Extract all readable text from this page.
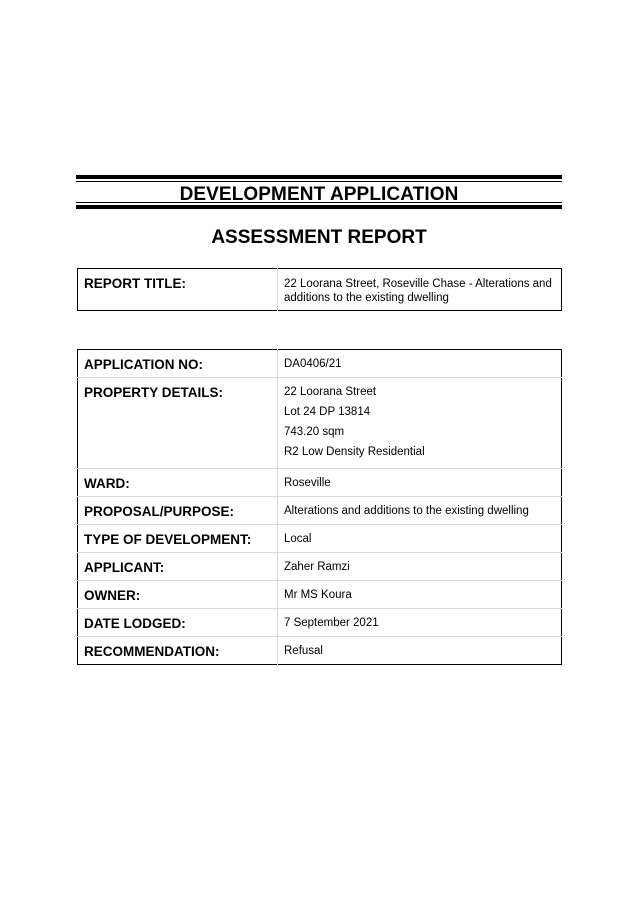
DEVELOPMENT APPLICATION
ASSESSMENT REPORT
REPORT TITLE:	22 Loorana Street, Roseville Chase - Alterations and additions to the existing dwelling
APPLICATION NO:	DA0406/21
PROPERTY DETAILS:	22 Loorana Street
Lot 24 DP 13814
743.20 sqm
R2 Low Density Residential

WARD:	Roseville
PROPOSAL/PURPOSE:	Alterations and additions to the existing dwelling
TYPE OF DEVELOPMENT:	Local
APPLICANT:	Zaher Ramzi
OWNER:	Mr MS Koura
DATE LODGED:	7 September 2021
RECOMMENDATION:	Refusal
